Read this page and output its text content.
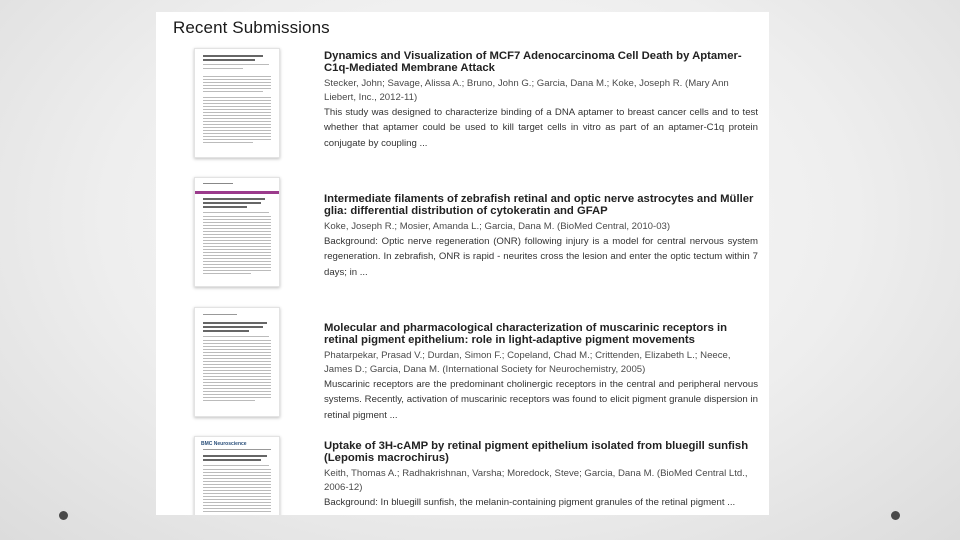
Recent Submissions

Dynamics and Visualization of MCF7 Adenocarcinoma Cell Death by Aptamer-C1q-Mediated Membrane Attack

Stecker, John; Savage, Alissa A.; Bruno, John G.; Garcia, Dana M.; Koke, Joseph R. (Mary Ann Liebert, Inc., 2012-11)

This study was designed to characterize binding of a DNA aptamer to breast cancer cells and to test whether that aptamer could be used to kill target cells in vitro as part of an aptamer-C1q protein conjugate by coupling ...

Intermediate filaments of zebrafish retinal and optic nerve astrocytes and Müller glia: differential distribution of cytokeratin and GFAP

Koke, Joseph R.; Mosier, Amanda L.; Garcia, Dana M. (BioMed Central, 2010-03)

Background: Optic nerve regeneration (ONR) following injury is a model for central nervous system regeneration. In zebrafish, ONR is rapid - neurites cross the lesion and enter the optic tectum within 7 days; in ...

Molecular and pharmacological characterization of muscarinic receptors in retinal pigment epithelium: role in light-adaptive pigment movements

Phatarpekar, Prasad V.; Durdan, Simon F.; Copeland, Chad M.; Crittenden, Elizabeth L.; Neece, James D.; Garcia, Dana M. (International Society for Neurochemistry, 2005)

Muscarinic receptors are the predominant cholinergic receptors in the central and peripheral nervous systems. Recently, activation of muscarinic receptors was found to elicit pigment granule dispersion in retinal pigment ...

BMC Neuroscience	Uptake of 3H-cAMP by retinal pigment epithelium isolated from bluegill sunfish (Lepomis macrochirus)

Keith, Thomas A.; Radhakrishnan, Varsha; Moredock, Steve; Garcia, Dana M. (BioMed Central Ltd., 2006-12)

Background: In bluegill sunfish, the melanin-containing pigment granules of the retinal pigment ...
